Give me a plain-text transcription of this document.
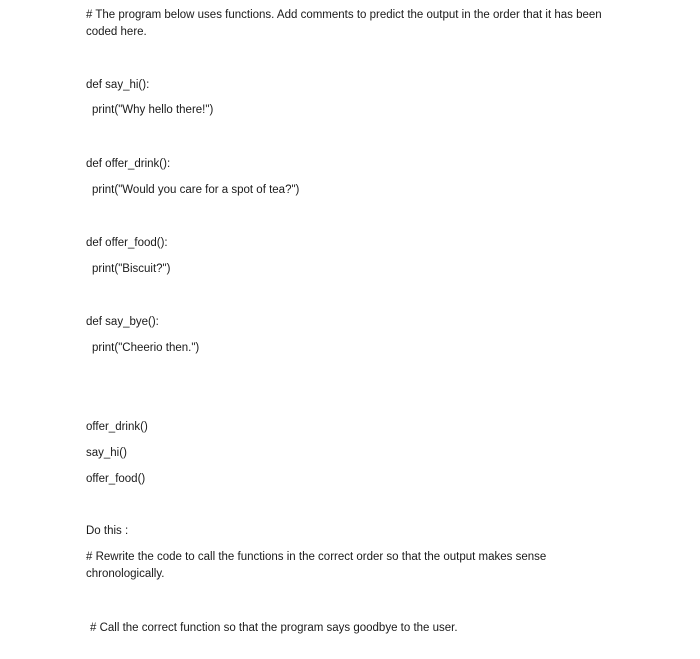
# The program below uses functions. Add comments to predict the output in the order that it has been coded here.
def say_hi():
print("Why hello there!")
def offer_drink():
print("Would you care for a spot of tea?")
def offer_food():
print("Biscuit?")
def say_bye():
print("Cheerio then.")
offer_drink()
say_hi()
offer_food()
Do this :
# Rewrite the code to call the functions in the correct order so that the output makes sense chronologically.
# Call the correct function so that the program says goodbye to the user.
